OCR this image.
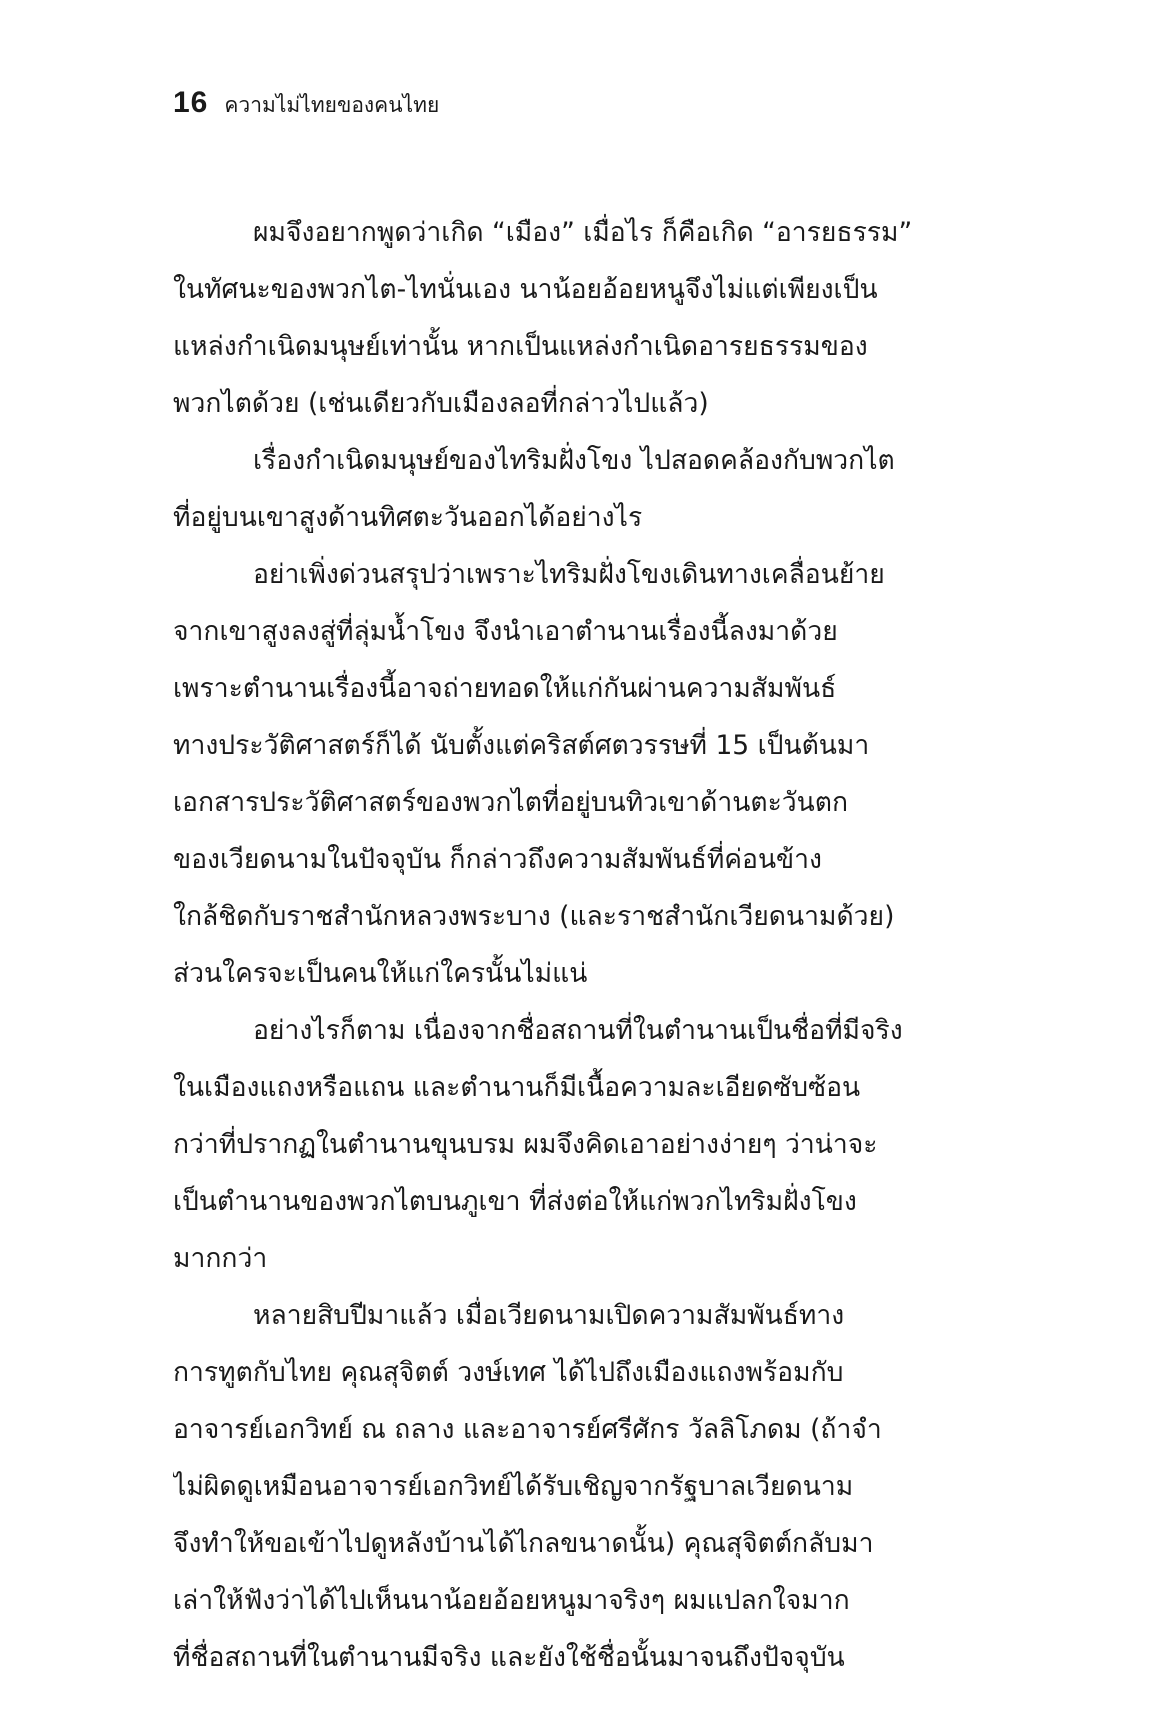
16 ความไม่ไทยของคนไทย
ผมจึงอยากพูดว่าเกิด “เมือง” เมื่อไร ก็คือเกิด “อารยธรรม”
ในทัศนะของพวกไต-ไทนั่นเอง นาน้อยอ้อยหนูจึงไม่แต่เพียงเป็น
แหล่งกำเนิดมนุษย์เท่านั้น หากเป็นแหล่งกำเนิดอารยธรรมของ
พวกไตด้วย (เช่นเดียวกับเมืองลอที่กล่าวไปแล้ว)
เรื่องกำเนิดมนุษย์ของไทริมฝั่งโขง ไปสอดคล้องกับพวกไต
ที่อยู่บนเขาสูงด้านทิศตะวันออกได้อย่างไร
อย่าเพิ่งด่วนสรุปว่าเพราะไทริมฝั่งโขงเดินทางเคลื่อนย้าย
จากเขาสูงลงสู่ที่ลุ่มน้ำโขง จึงนำเอาตำนานเรื่องนี้ลงมาด้วย
เพราะตำนานเรื่องนี้อาจถ่ายทอดให้แก่กันผ่านความสัมพันธ์
ทางประวัติศาสตร์ก็ได้ นับตั้งแต่คริสต์ศตวรรษที่ 15 เป็นต้นมา
เอกสารประวัติศาสตร์ของพวกไตที่อยู่บนทิวเขาด้านตะวันตก
ของเวียดนามในปัจจุบัน ก็กล่าวถึงความสัมพันธ์ที่ค่อนข้าง
ใกล้ชิดกับราชสำนักหลวงพระบาง (และราชสำนักเวียดนามด้วย)
ส่วนใครจะเป็นคนให้แก่ใครนั้นไม่แน่
อย่างไรก็ตาม เนื่องจากชื่อสถานที่ในตำนานเป็นชื่อที่มีจริง
ในเมืองแถงหรือแถน และตำนานก็มีเนื้อความละเอียดซับซ้อน
กว่าที่ปรากฏในตำนานขุนบรม ผมจึงคิดเอาอย่างง่ายๆ ว่าน่าจะ
เป็นตำนานของพวกไตบนภูเขา ที่ส่งต่อให้แก่พวกไทริมฝั่งโขง
มากกว่า
หลายสิบปีมาแล้ว เมื่อเวียดนามเปิดความสัมพันธ์ทาง
การทูตกับไทย คุณสุจิตต์ วงษ์เทศ ได้ไปถึงเมืองแถงพร้อมกับ
อาจารย์เอกวิทย์ ณ ถลาง และอาจารย์ศรีศักร วัลลิโภดม (ถ้าจำ
ไม่ผิดดูเหมือนอาจารย์เอกวิทย์ได้รับเชิญจากรัฐบาลเวียดนาม
จึงทำให้ขอเข้าไปดูหลังบ้านได้ไกลขนาดนั้น) คุณสุจิตต์กลับมา
เล่าให้ฟังว่าได้ไปเห็นนาน้อยอ้อยหนูมาจริงๆ ผมแปลกใจมาก
ที่ชื่อสถานที่ในตำนานมีจริง และยังใช้ชื่อนั้นมาจนถึงปัจจุบัน
